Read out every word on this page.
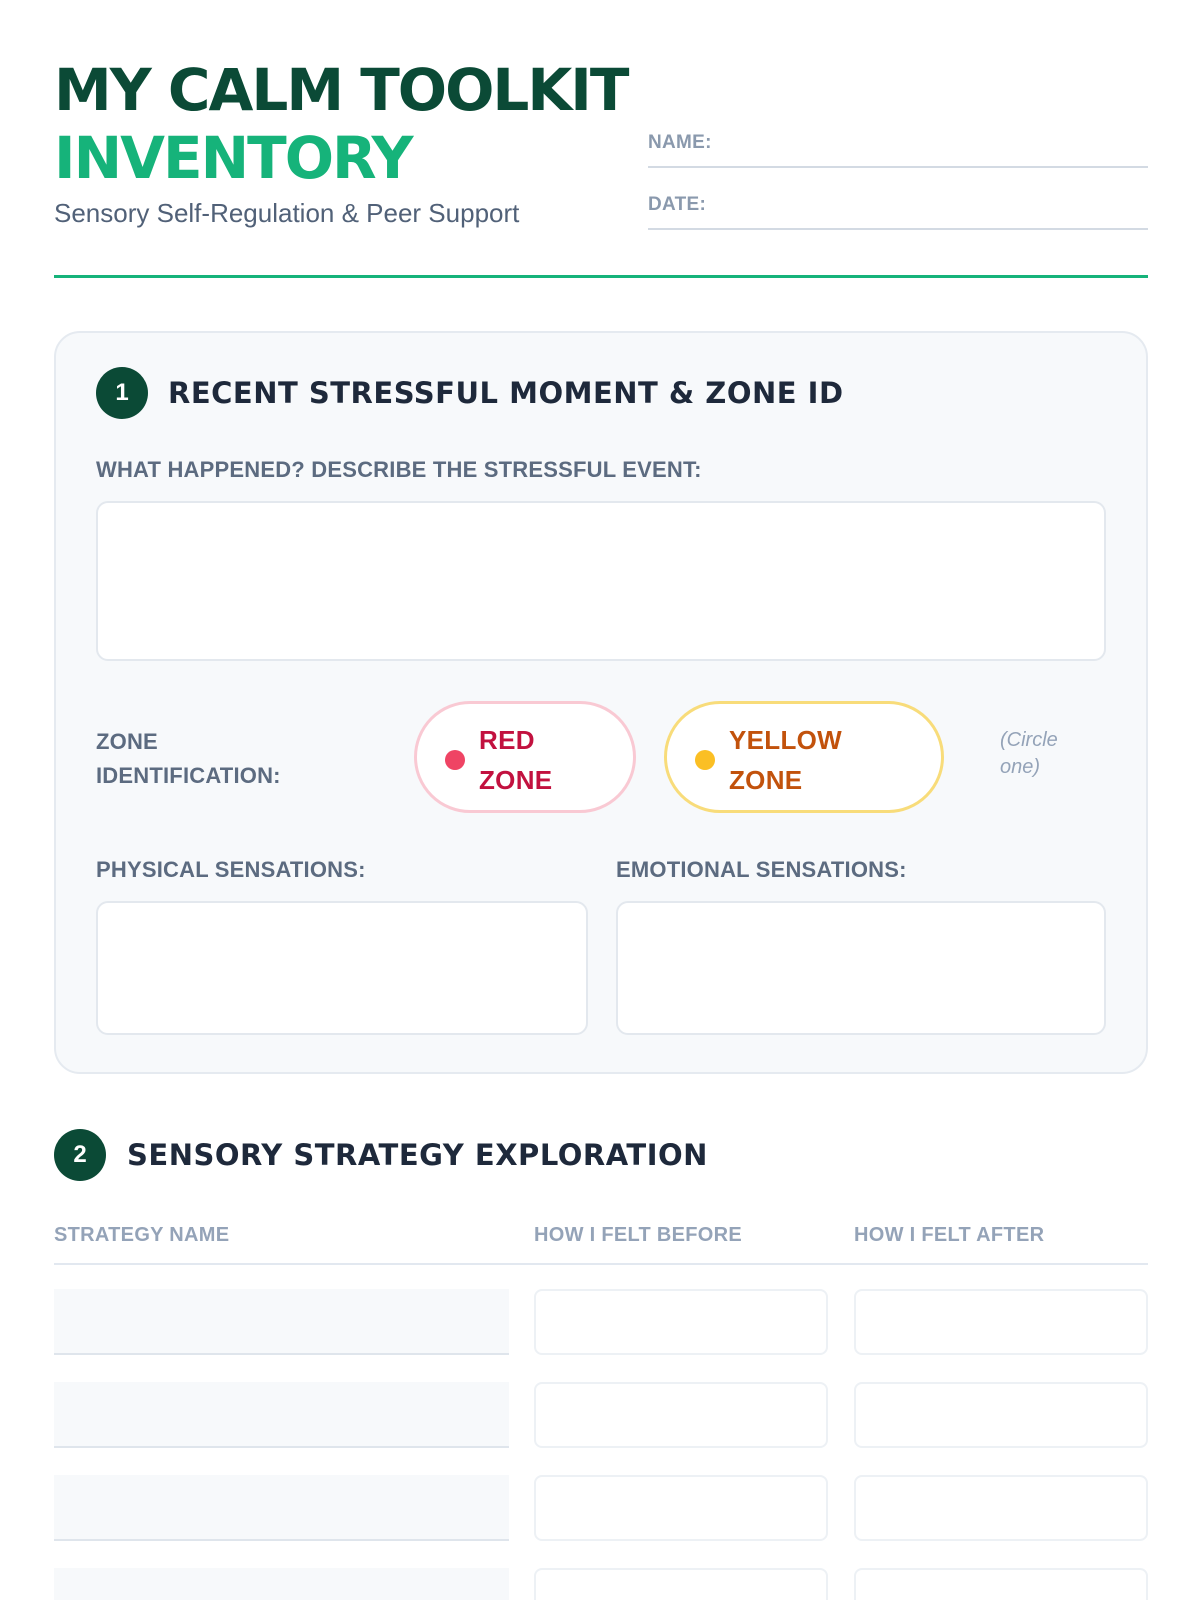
MY CALM TOOLKIT
INVENTORY
Sensory Self-Regulation & Peer Support
NAME:
DATE:
1	RECENT STRESSFUL MOMENT & ZONE ID
WHAT HAPPENED? DESCRIBE THE STRESSFUL EVENT:
ZONE
IDENTIFICATION:
RED ZONE
YELLOW ZONE
(Circle one)
PHYSICAL SENSATIONS:	EMOTIONAL SENSATIONS:
2	SENSORY STRATEGY EXPLORATION
STRATEGY NAME	HOW I FELT BEFORE	HOW I FELT AFTER
